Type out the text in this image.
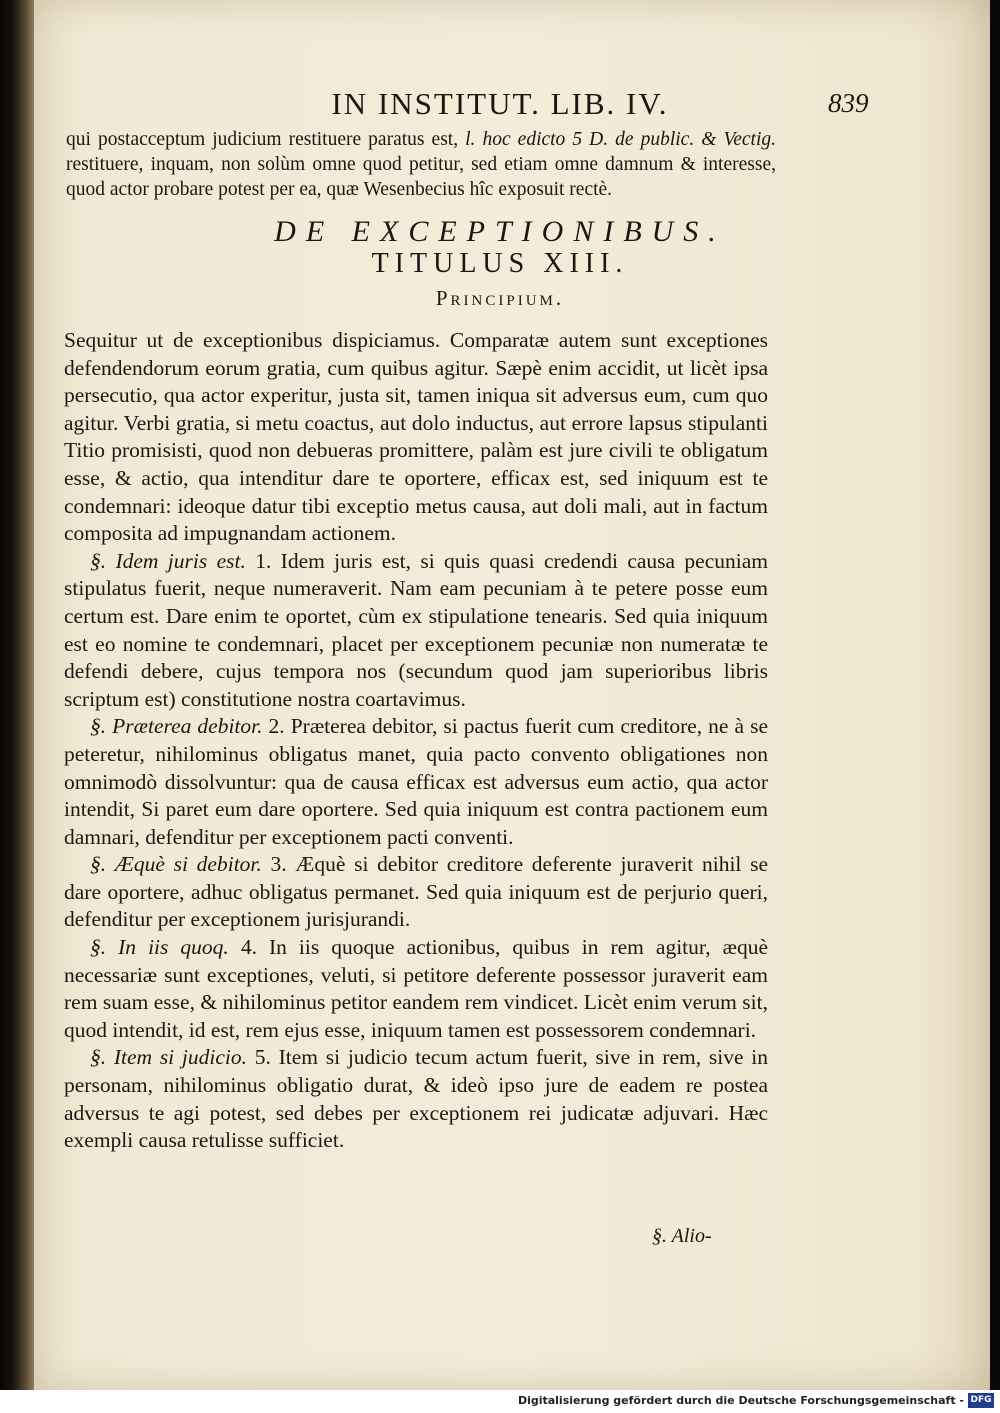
IN INSTITUT. LIB. IV.	839
qui postacceptum judicium restituere paratus est, l. hoc edicto 5 D. de public. & Vectig. restituere, inquam, non solùm omne quod petitur, sed etiam omne damnum & interesse, quod actor probare potest per ea, quæ Wesenbecius hîc exposuit rectè.
DE EXCEPTIONIBUS.
TITULUS XIII.
Principium.

Sequitur ut de exceptionibus dispiciamus. Comparatæ autem sunt exceptiones defendendorum eorum gratia, cum quibus agitur. Sæpè enim accidit, ut licèt ipsa persecutio, qua actor experitur, justa sit, tamen iniqua sit adversus eum, cum quo agitur. Verbi gratia, si metu coactus, aut dolo inductus, aut errore lapsus stipulanti Titio promisisti, quod non debueras promittere, palàm est jure civili te obligatum esse, & actio, qua intenditur dare te oportere, efficax est, sed iniquum est te condemnari: ideoque datur tibi exceptio metus causa, aut doli mali, aut in factum composita ad impugnandam actionem.

§. Idem juris est. 1. Idem juris est, si quis quasi credendi causa pecuniam stipulatus fuerit, neque numeraverit. Nam eam pecuniam à te petere posse eum certum est. Dare enim te oportet, cùm ex stipulatione tenearis. Sed quia iniquum est eo nomine te condemnari, placet per exceptionem pecuniæ non numeratæ te defendi debere, cujus tempora nos (secundum quod jam superioribus libris scriptum est) constitutione nostra coartavimus.

§. Præterea debitor. 2. Præterea debitor, si pactus fuerit cum creditore, ne à se peteretur, nihilominus obligatus manet, quia pacto convento obligationes non omnimodò dissolvuntur: qua de causa efficax est adversus eum actio, qua actor intendit, Si paret eum dare oportere. Sed quia iniquum est contra pactionem eum damnari, defenditur per exceptionem pacti conventi.

§. Æquè si debitor. 3. Æquè si debitor creditore deferente juraverit nihil se dare oportere, adhuc obligatus permanet. Sed quia iniquum est de perjurio queri, defenditur per exceptionem jurisjurandi.

§. In iis quoq. 4. In iis quoque actionibus, quibus in rem agitur, æquè necessariæ sunt exceptiones, veluti, si petitore deferente possessor juraverit eam rem suam esse, & nihilominus petitor eandem rem vindicet. Licèt enim verum sit, quod intendit, id est, rem ejus esse, iniquum tamen est possessorem condemnari.

§. Item si judicio. 5. Item si judicio tecum actum fuerit, sive in rem, sive in personam, nihilominus obligatio durat, & ideò ipso jure de eadem re postea adversus te agi potest, sed debes per exceptionem rei judicatæ adjuvari. Hæc exempli causa retulisse sufficiet.

§. Alio-
Digitalisierung gefördert durch die Deutsche Forschungsgemeinschaft - DFG
